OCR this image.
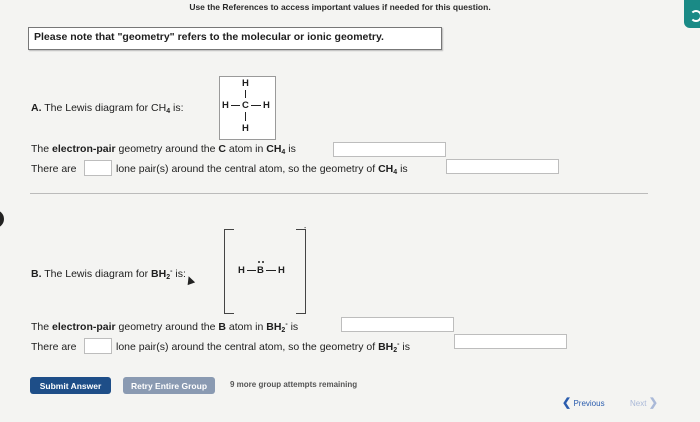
Use the References to access important values if needed for this question.
Please note that "geometry" refers to the molecular or ionic geometry.
A. The Lewis diagram for CH4 is:
H
H C H
H
The electron-pair geometry around the C atom in CH4 is
There are	lone pair(s) around the central atom, so the geometry of CH4 is
B. The Lewis diagram for BH2- is:
-
H B H
The electron-pair geometry around the B atom in BH2- is
There are	lone pair(s) around the central atom, so the geometry of BH2- is
Submit Answer	Retry Entire Group	9 more group attempts remaining
❮ Previous	Next ❯
